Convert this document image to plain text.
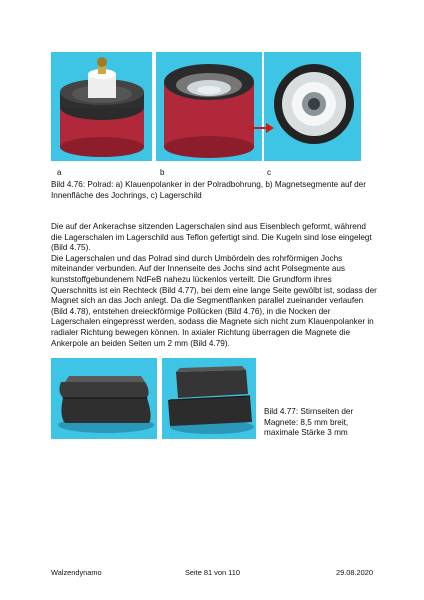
a	b	c
Bild 4.76: Polrad: a) Klauenpolanker in der Polradbohrung, b) Magnetsegmente auf der Innenfläche des Jochrings, c) Lagerschild

Die auf der Ankerachse sitzenden Lagerschalen sind aus Eisenblech geformt, während die Lagerschalen im Lagerschild aus Teflon gefertigt sind. Die Kugeln sind lose eingelegt (Bild 4.75).

Die Lagerschalen und das Polrad sind durch Umbördeln des rohrförmigen Jochs miteinander verbunden. Auf der Innenseite des Jochs sind acht Polsegmente aus kunststoffgebundenem NdFeB nahezu lückenlos verteilt. Die Grundform ihres Querschnitts ist ein Rechteck (Bild 4.77), bei dem eine lange Seite gewölbt ist, sodass der Magnet sich an das Joch anlegt. Da die Segmentflanken parallel zueinander verlaufen (Bild 4.78), entstehen dreieckförmige Pollücken (Bild 4.76), in die Nocken der Lagerschalen eingepresst werden, sodass die Magnete sich nicht zum Klauenpolanker in radialer Richtung bewegen können. In axialer Richtung überragen die Magnete die Ankerpole an beiden Seiten um 2 mm (Bild 4.79).

Bild 4.77: Stirnseiten der Magnete: 8,5 mm breit, maximale Stärke 3 mm
Walzendynamo	Seite 81 von 110	29.08.2020
